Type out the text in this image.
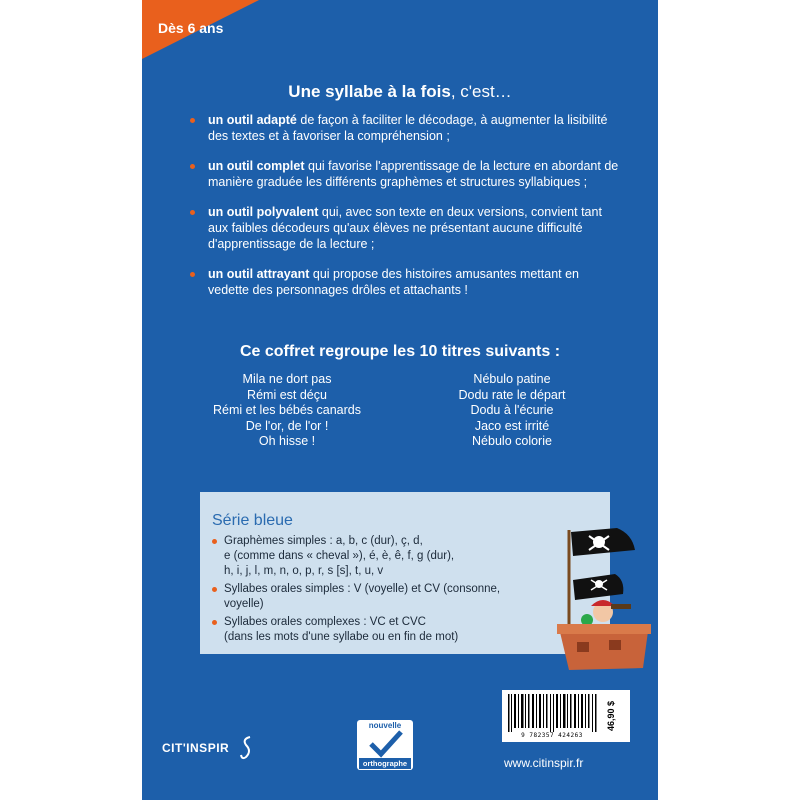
Dès 6 ans
Une syllabe à la fois, c'est…
un outil adapté de façon à faciliter le décodage, à augmenter la lisibilité des textes et à favoriser la compréhension ;
un outil complet qui favorise l'apprentissage de la lecture en abordant de manière graduée les différents graphèmes et structures syllabiques ;
un outil polyvalent qui, avec son texte en deux versions, convient tant aux faibles décodeurs qu'aux élèves ne présentant aucune difficulté d'apprentissage de la lecture ;
un outil attrayant qui propose des histoires amusantes mettant en vedette des personnages drôles et attachants !
Ce coffret regroupe les 10 titres suivants :
Mila ne dort pas
Rémi est déçu
Rémi et les bébés canards
De l'or, de l'or !
Oh hisse !
Nébulo patine
Dodu rate le départ
Dodu à l'écurie
Jaco est irrité
Nébulo colorie
Série bleue
Graphèmes simples : a, b, c (dur), ç, d,
e (comme dans « cheval »), é, è, ê, f, g (dur),
h, i, j, l, m, n, o, p, r, s [s], t, u, v
Syllabes orales simples : V (voyelle) et CV (consonne, voyelle)
Syllabes orales complexes : VC et CVC
(dans les mots d'une syllabe ou en fin de mot)
CIT'INSPIR
nouvelle
orthographe
9 782357 424263
46,90 $
www.citinspir.fr
